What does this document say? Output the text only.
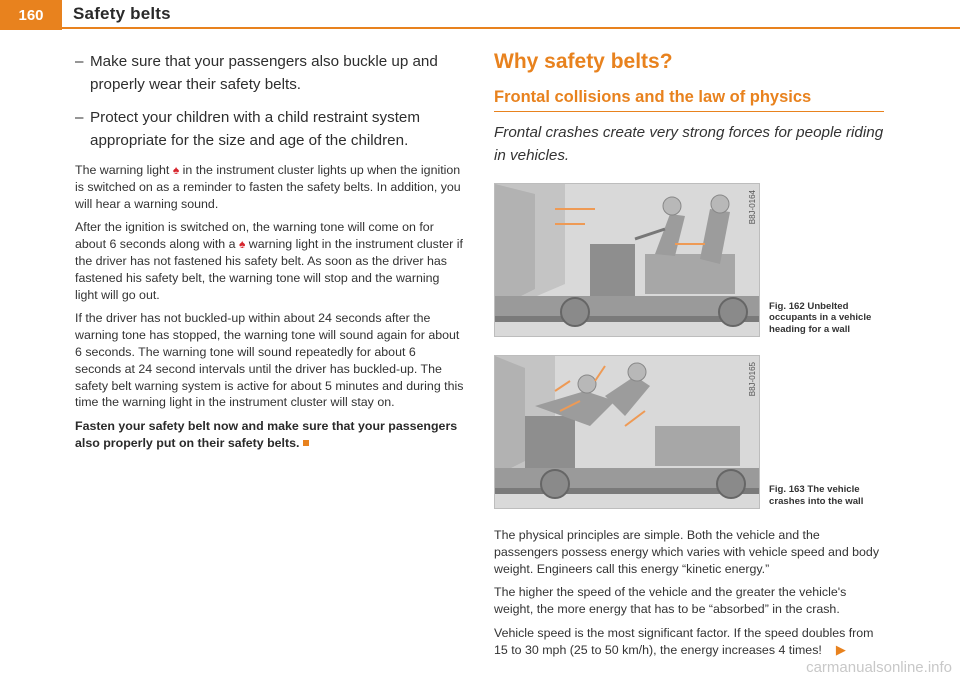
160	Safety belts
– Make sure that your passengers also buckle up and properly wear their safety belts.
– Protect your children with a child restraint system appropriate for the size and age of the children.

The warning light ♠ in the instrument cluster lights up when the ignition is switched on as a reminder to fasten the safety belts. In addition, you will hear a warning sound.

After the ignition is switched on, the warning tone will come on for about 6 seconds along with a ♠ warning light in the instrument cluster if the driver has not fastened his safety belt. As soon as the driver has fastened his safety belt, the warning tone will stop and the warning light will go out.

If the driver has not buckled-up within about 24 seconds after the warning tone has stopped, the warning tone will sound again for about 6 seconds. The warning tone will sound repeatedly for about 6 seconds at 24 second intervals until the driver has buckled-up. The safety belt warning system is active for about 5 minutes and during this time the warning light in the instrument cluster will stay on.

Fasten your safety belt now and make sure that your passengers also properly put on their safety belts.

Why safety belts?
Frontal collisions and the law of physics

Frontal crashes create very strong forces for people riding in vehicles.

B8J-0164
Fig. 162 Unbelted occupants in a vehicle heading for a wall
B8J-0165
Fig. 163 The vehicle crashes into the wall

The physical principles are simple. Both the vehicle and the passengers possess energy which varies with vehicle speed and body weight. Engineers call this energy “kinetic energy.”

The higher the speed of the vehicle and the greater the vehicle's weight, the more energy that has to be “absorbed” in the crash.

Vehicle speed is the most significant factor. If the speed doubles from 15 to 30 mph (25 to 50 km/h), the energy increases 4 times! ▶

carmanualsonline.info
